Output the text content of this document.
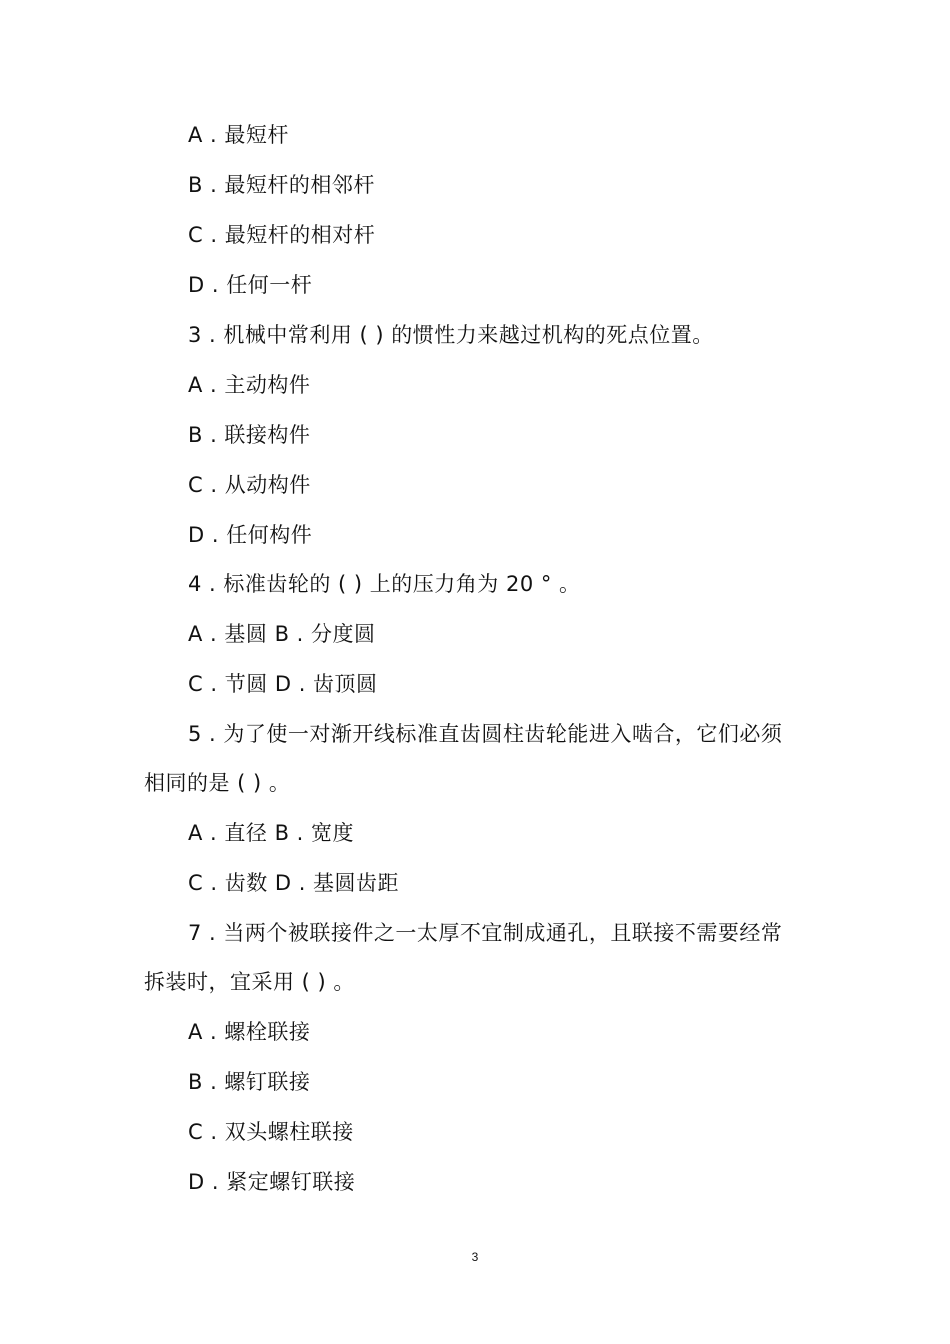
A . 最短杆
B . 最短杆的相邻杆
C . 最短杆的相对杆
D . 任何一杆
3 . 机械中常利用 ( ) 的惯性力来越过机构的死点位置。
A . 主动构件
B . 联接构件
C . 从动构件
D . 任何构件
4 . 标准齿轮的 ( ) 上的压力角为 20 ° 。
A . 基圆 B . 分度圆
C . 节圆 D . 齿顶圆
5 . 为了使一对渐开线标准直齿圆柱齿轮能进入啮合，它们必须
相同的是 ( ) 。
A . 直径 B . 宽度
C . 齿数 D . 基圆齿距
7 . 当两个被联接件之一太厚不宜制成通孔，且联接不需要经常
拆装时，宜采用 ( ) 。
A . 螺栓联接
B . 螺钉联接
C . 双头螺柱联接
D . 紧定螺钉联接
3
